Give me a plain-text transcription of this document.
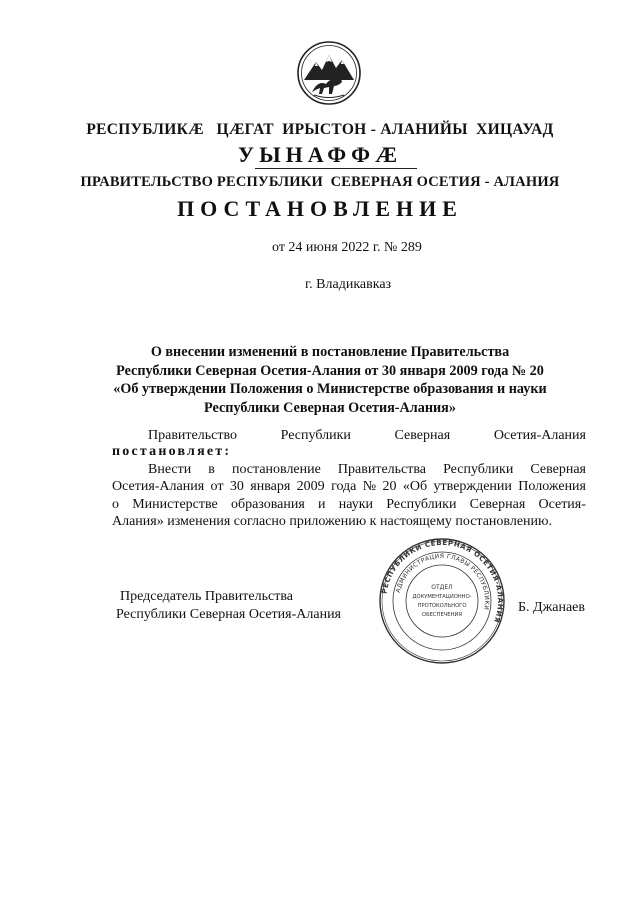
РЕСПУБЛИКӔ   ЦӔГАТ  ИРЫСТОН - АЛАНИЙЫ  ХИЦАУАД
УЫНАФФӔ
ПРАВИТЕЛЬСТВО РЕСПУБЛИКИ  СЕВЕРНАЯ ОСЕТИЯ - АЛАНИЯ
ПОСТАНОВЛЕНИЕ
от 24 июня 2022 г. № 289
г. Владикавказ
О внесении изменений в постановление Правительства
Республики Северная Осетия-Алания от 30 января 2009 года № 20
«Об утверждении Положения о Министерстве образования и науки
Республики Северная Осетия-Алания»
Правительство	Республики	Северная	Осетия-Алания
постановляет:
Внести в постановление Правительства Республики Северная
Осетия-Алания от 30 января 2009 года № 20 «Об утверждении Положения
о Министерстве образования и науки Республики Северная Осетия-
Алания» изменения согласно приложению к настоящему постановлению.
Председатель Правительства
Республики Северная Осетия-Алания	Б. Джанаев
РЕСПУБЛИКИ СЕВЕРНАЯ ОСЕТИЯ-АЛАНИЯ
АДМИНИСТРАЦИЯ ГЛАВЫ РЕСПУБЛИКИ
ОТДЕЛ
ДОКУМЕНТАЦИОННО-
ПРОТОКОЛЬНОГО
ОБЕСПЕЧЕНИЯ
